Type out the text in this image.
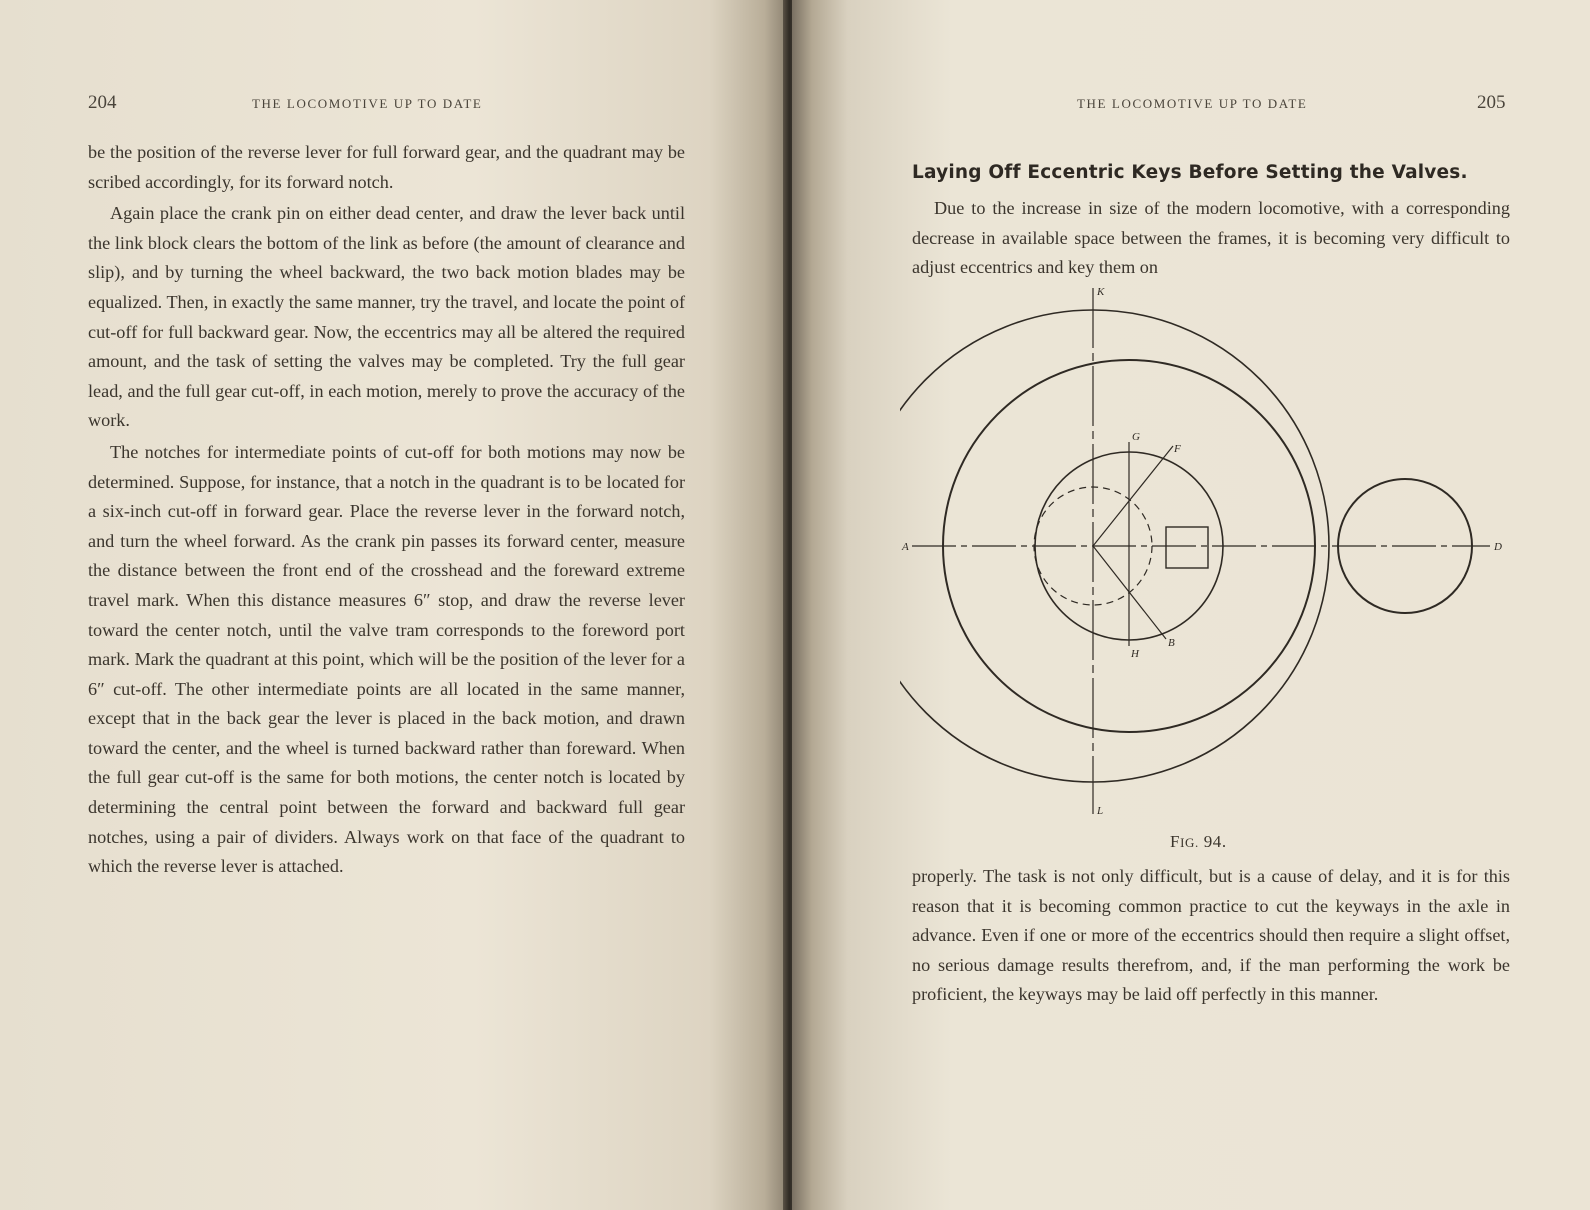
204	THE LOCOMOTIVE UP TO DATE

be the position of the reverse lever for full forward gear, and the quadrant may be scribed accordingly, for its forward notch.

Again place the crank pin on either dead center, and draw the lever back until the link block clears the bottom of the link as before (the amount of clearance and slip), and by turning the wheel backward, the two back motion blades may be equalized. Then, in exactly the same manner, try the travel, and locate the point of cut-off for full backward gear. Now, the eccentrics may all be altered the required amount, and the task of setting the valves may be completed. Try the full gear lead, and the full gear cut-off, in each motion, merely to prove the accuracy of the work.

The notches for intermediate points of cut-off for both motions may now be determined. Suppose, for instance, that a notch in the quadrant is to be located for a six-inch cut-off in forward gear. Place the reverse lever in the forward notch, and turn the wheel forward. As the crank pin passes its forward center, measure the distance between the front end of the crosshead and the foreward extreme travel mark. When this distance measures 6″ stop, and draw the reverse lever toward the center notch, until the valve tram corresponds to the foreword port mark. Mark the quadrant at this point, which will be the position of the lever for a 6″ cut-off. The other intermediate points are all located in the same manner, except that in the back gear the lever is placed in the back motion, and drawn toward the center, and the wheel is turned backward rather than foreward. When the full gear cut-off is the same for both motions, the center notch is located by determining the central point between the forward and backward full gear notches, using a pair of dividers. Always work on that face of the quadrant to which the reverse lever is attached.

THE LOCOMOTIVE UP TO DATE	205
Laying Off Eccentric Keys Before Setting the Valves.

Due to the increase in size of the modern locomotive, with a corresponding decrease in available space between the frames, it is becoming very difficult to adjust eccentrics and key them on

A	D
K
L
G
F
H
B
FIG. 94.

properly. The task is not only difficult, but is a cause of delay, and it is for this reason that it is becoming common practice to cut the keyways in the axle in advance. Even if one or more of the eccentrics should then require a slight offset, no serious damage results therefrom, and, if the man performing the work be proficient, the keyways may be laid off perfectly in this manner.
